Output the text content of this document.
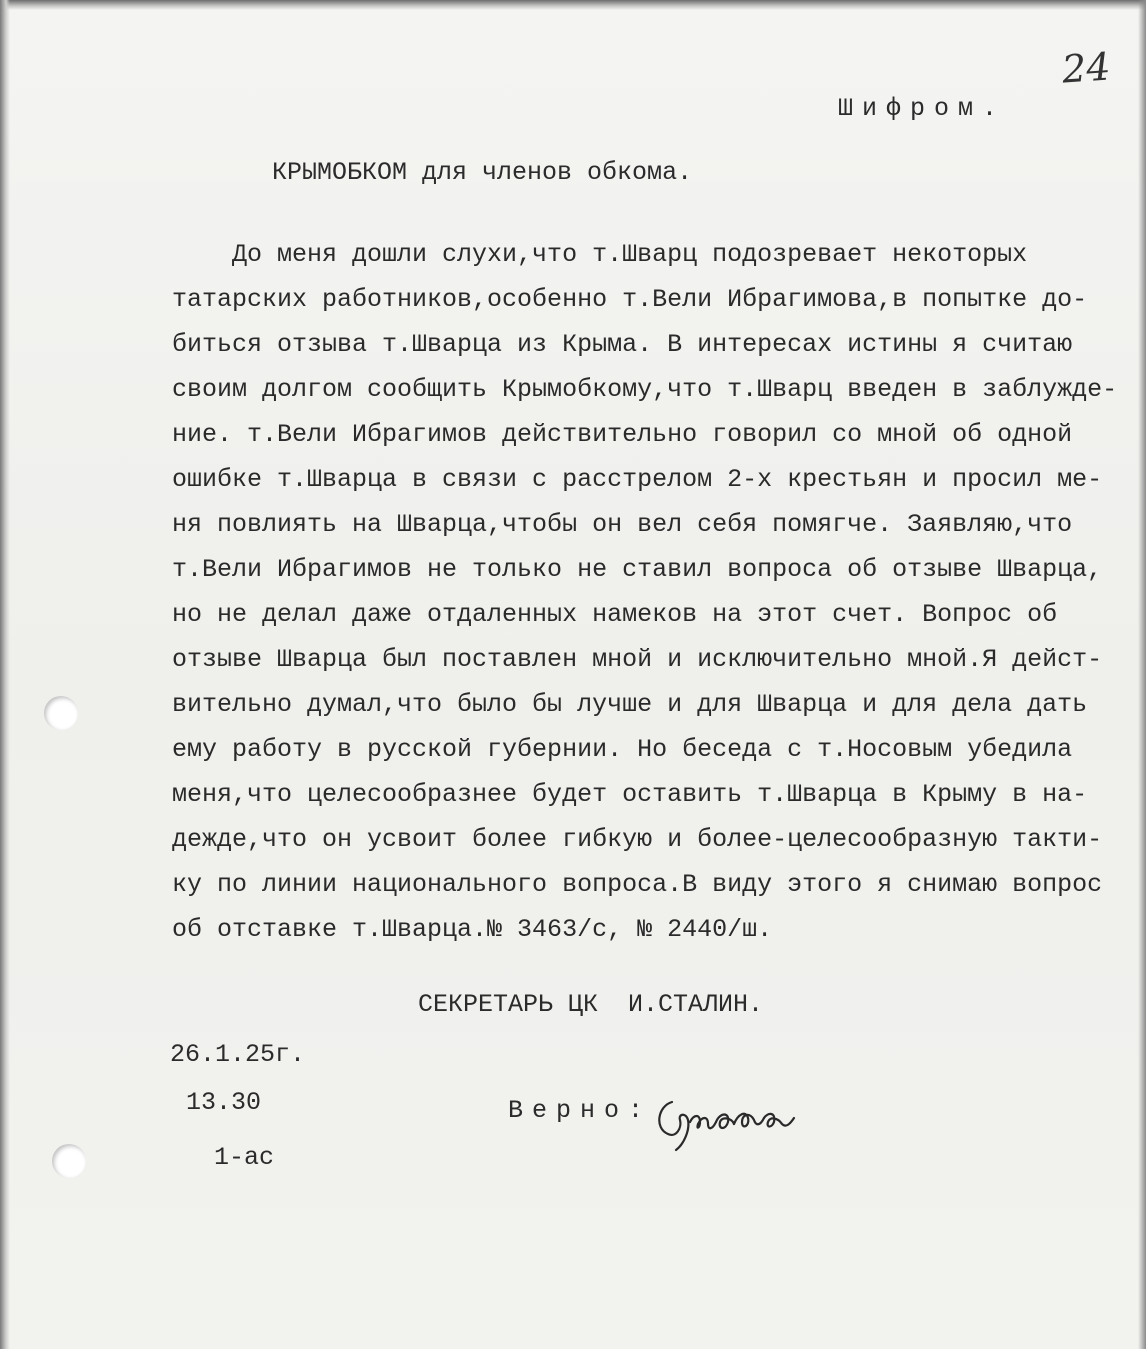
24
Шифром.
КРЫМОБКОМ для членов обкома.
До меня дошли слухи,что т.Шварц подозревает некоторых
татарских работников,особенно т.Вели Ибрагимова,в попытке до-
биться отзыва т.Шварца из Крыма. В интересах истины я считаю
своим долгом сообщить Крымобкому,что т.Шварц введен в заблужде-
ние. т.Вели Ибрагимов действительно говорил со мной об одной
ошибке т.Шварца в связи с расстрелом 2-х крестьян и просил ме-
ня повлиять на Шварца,чтобы он вел себя помягче. Заявляю,что
т.Вели Ибрагимов не только не ставил вопроса об отзыве Шварца,
но не делал даже отдаленных намеков на этот счет. Вопрос об
отзыве Шварца был поставлен мной и исключительно мной.Я дейст-
вительно думал,что было бы лучше и для Шварца и для дела дать
ему работу в русской губернии. Но беседа с т.Носовым убедила
меня,что целесообразнее будет оставить т.Шварца в Крыму в на-
дежде,что он усвоит более гибкую и более-целесообразную такти-
ку по линии национального вопроса.В виду этого я снимаю вопрос
об отставке т.Шварца.№ 3463/с, № 2440/ш.
СЕКРЕТАРЬ ЦК  И.СТАЛИН.
26.1.25г.
13.30
1-ас
Верно:
